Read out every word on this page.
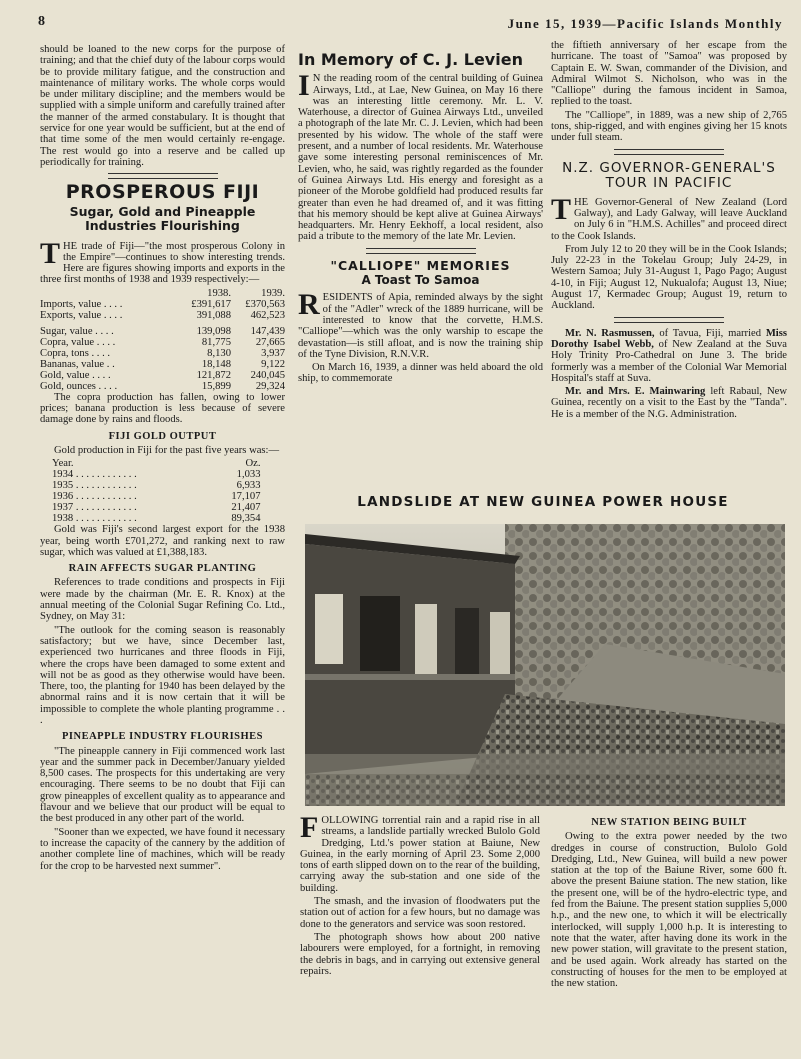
8	June 15, 1939—Pacific Islands Monthly

should be loaned to the new corps for the purpose of training; and that the chief duty of the labour corps would be to provide military fatigue, and the construction and maintenance of military works. The whole corps would be under military discipline; and the members would be supplied with a simple uniform and carefully trained after the manner of the armed constabulary. It is thought that service for one year would be sufficient, but at the end of that time some of the men would certainly re-engage. The rest would go into a reserve and be called up periodically for training.

PROSPEROUS FIJI
Sugar, Gold and Pineapple Industries Flourishing

THE trade of Fiji—"the most prosperous Colony in the Empire"—continues to show interesting trends. Here are figures showing imports and exports in the three first months of 1938 and 1939 respectively:—

	1938.	1939.
Imports, value . . . .	£391,617	£370,563
Exports, value . . . .	391,088	462,523

Sugar, value . . . .	139,098	147,439
Copra, value . . . .	81,775	27,665
Copra, tons . . . .	8,130	3,937
Bananas, value . .	18,148	9,122
Gold, value . . . .	121,872	240,045
Gold, ounces . . . .	15,899	29,324

The copra production has fallen, owing to lower prices; banana production is less because of severe damage done by rains and floods.

FIJI GOLD OUTPUT

Gold production in Fiji for the past five years was:—

Year.	Oz.
1934 . . . . . . . . . . . .	1,033
1935 . . . . . . . . . . . .	6,933
1936 . . . . . . . . . . . .	17,107
1937 . . . . . . . . . . . .	21,407
1938 . . . . . . . . . . . .	89,354

Gold was Fiji's second largest export for the 1938 year, being worth £701,272, and ranking next to raw sugar, which was valued at £1,388,183.

RAIN AFFECTS SUGAR PLANTING

References to trade conditions and prospects in Fiji were made by the chairman (Mr. E. R. Knox) at the annual meeting of the Colonial Sugar Refining Co. Ltd., Sydney, on May 31:

"The outlook for the coming season is reasonably satisfactory; but we have, since December last, experienced two hurricanes and three floods in Fiji, where the crops have been damaged to some extent and will not be as good as they otherwise would have been. There, too, the planting for 1940 has been delayed by the abnormal rains and it is now certain that it will be impossible to complete the whole planting programme . . .

PINEAPPLE INDUSTRY FLOURISHES

"The pineapple cannery in Fiji commenced work last year and the summer pack in December/January yielded 8,500 cases. The prospects for this undertaking are very encouraging. There seems to be no doubt that Fiji can grow pineapples of excellent quality as to appearance and flavour and we believe that our product will be equal to the best produced in any other part of the world.

"Sooner than we expected, we have found it necessary to increase the capacity of the cannery by the addition of another complete line of machines, which will be ready for the crop to be harvested next summer".

In Memory of C. J. Levien

I N the reading room of the central building of Guinea Airways, Ltd., at Lae, New Guinea, on May 16 there was an interesting little ceremony. Mr. L. V. Waterhouse, a director of Guinea Airways Ltd., unveiled a photograph of the late Mr. C. J. Levien, which had been presented by his widow. The whole of the staff were present, and a number of local residents. Mr. Waterhouse gave some interesting personal reminiscences of Mr. Levien, who, he said, was rightly regarded as the founder of Guinea Airways Ltd. His energy and foresight as a pioneer of the Morobe goldfield had produced results far greater than even he had dreamed of, and it was fitting that his memory should be kept alive at Guinea Airways' headquarters. Mr. Henry Eekhoff, a local resident, also paid a tribute to the memory of the late Mr. Levien.

"CALLIOPE" MEMORIES
A Toast To Samoa

RESIDENTS of Apia, reminded always by the sight of the "Adler" wreck of the 1889 hurricane, will be interested to know that the corvette, H.M.S. "Calliope"—which was the only warship to escape the devastation—is still afloat, and is now the training ship of the Tyne Division, R.N.V.R.

On March 16, 1939, a dinner was held aboard the old ship, to commemorate

the fiftieth anniversary of her escape from the hurricane. The toast of "Samoa" was proposed by Captain E. W. Swan, commander of the Division, and Admiral Wilmot S. Nicholson, who was in the "Calliope" during the famous incident in Samoa, replied to the toast.

The "Calliope", in 1889, was a new ship of 2,765 tons, ship-rigged, and with engines giving her 15 knots under full steam.

N.Z. GOVERNOR-GENERAL'S TOUR IN PACIFIC

THE Governor-General of New Zealand (Lord Galway), and Lady Galway, will leave Auckland on July 6 in "H.M.S. Achilles" and proceed direct to the Cook Islands.

From July 12 to 20 they will be in the Cook Islands; July 22-23 in the Tokelau Group; July 24-29, in Western Samoa; July 31-August 1, Pago Pago; August 4-10, in Fiji; August 12, Nukualofa; August 13, Niue; August 17, Kermadec Group; August 19, return to Auckland.

Mr. N. Rasmussen, of Tavua, Fiji, married Miss Dorothy Isabel Webb, of New Zealand at the Suva Holy Trinity Pro-Cathedral on June 3. The bride formerly was a member of the Colonial War Memorial Hospital's staff at Suva.

Mr. and Mrs. E. Mainwaring left Rabaul, New Guinea, recently on a visit to the East by the "Tanda". He is a member of the N.G. Administration.

LANDSLIDE AT NEW GUINEA POWER HOUSE

FOLLOWING torrential rain and a rapid rise in all streams, a landslide partially wrecked Bulolo Gold Dredging, Ltd.'s power station at Baiune, New Guinea, in the early morning of April 23. Some 2,000 tons of earth slipped down on to the rear of the building, carrying away the sub-station and one side of the building.

The smash, and the invasion of floodwaters put the station out of action for a few hours, but no damage was done to the generators and service was soon restored.

The photograph shows how about 200 native labourers were employed, for a fortnight, in removing the debris in bags, and in carrying out extensive general repairs.

NEW STATION BEING BUILT

Owing to the extra power needed by the two dredges in course of construction, Bulolo Gold Dredging, Ltd., New Guinea, will build a new power station at the top of the Baiune River, some 600 ft. above the present Baiune station. The new station, like the present one, will be of the hydro-electric type, and fed from the Baiune. The present station supplies 5,000 h.p., and the new one, to which it will be electrically interlocked, will supply 1,000 h.p. It is interesting to note that the water, after having done its work in the new power station, will gravitate to the present station, and be used again. Work already has started on the constructing of houses for the men to be employed at the new station.
